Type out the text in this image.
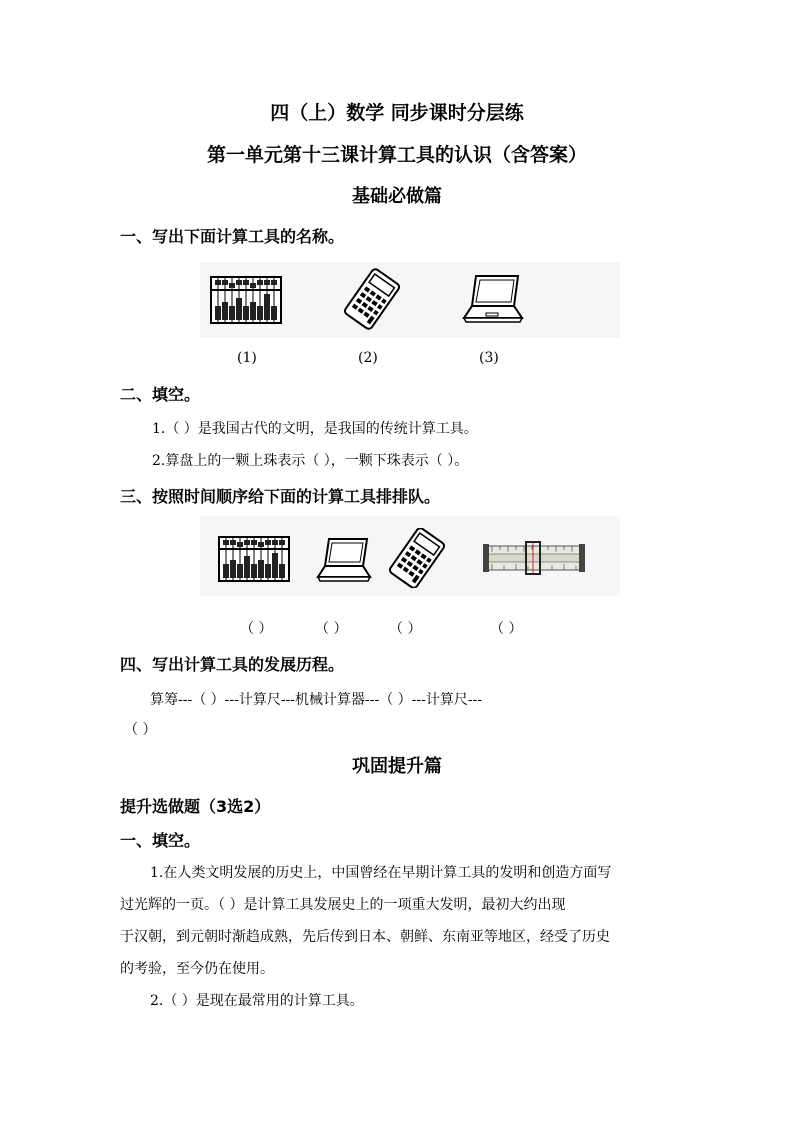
四（上）数学 同步课时分层练
第一单元第十三课计算工具的认识（含答案）
基础必做篇
一、写出下面计算工具的名称。
(1)	(2)	(3)
二、填空。
1.（ ）是我国古代的文明，是我国的传统计算工具。
2.算盘上的一颗上珠表示（ ），一颗下珠表示（ ）。
三、按照时间顺序给下面的计算工具排排队。
（ ）	（ ）	（ ）	（ ）
四、写出计算工具的发展历程。
算筹---（ ）---计算尺---机械计算器---（ ）---计算尺---
（ ）
巩固提升篇
提升选做题（3选2）
一、填空。
1.在人类文明发展的历史上，中国曾经在早期计算工具的发明和创造方面写
过光辉的一页。（ ）是计算工具发展史上的一项重大发明，最初大约出现
于汉朝，到元朝时渐趋成熟，先后传到日本、朝鲜、东南亚等地区，经受了历史
的考验，至今仍在使用。
2.（ ）是现在最常用的计算工具。
